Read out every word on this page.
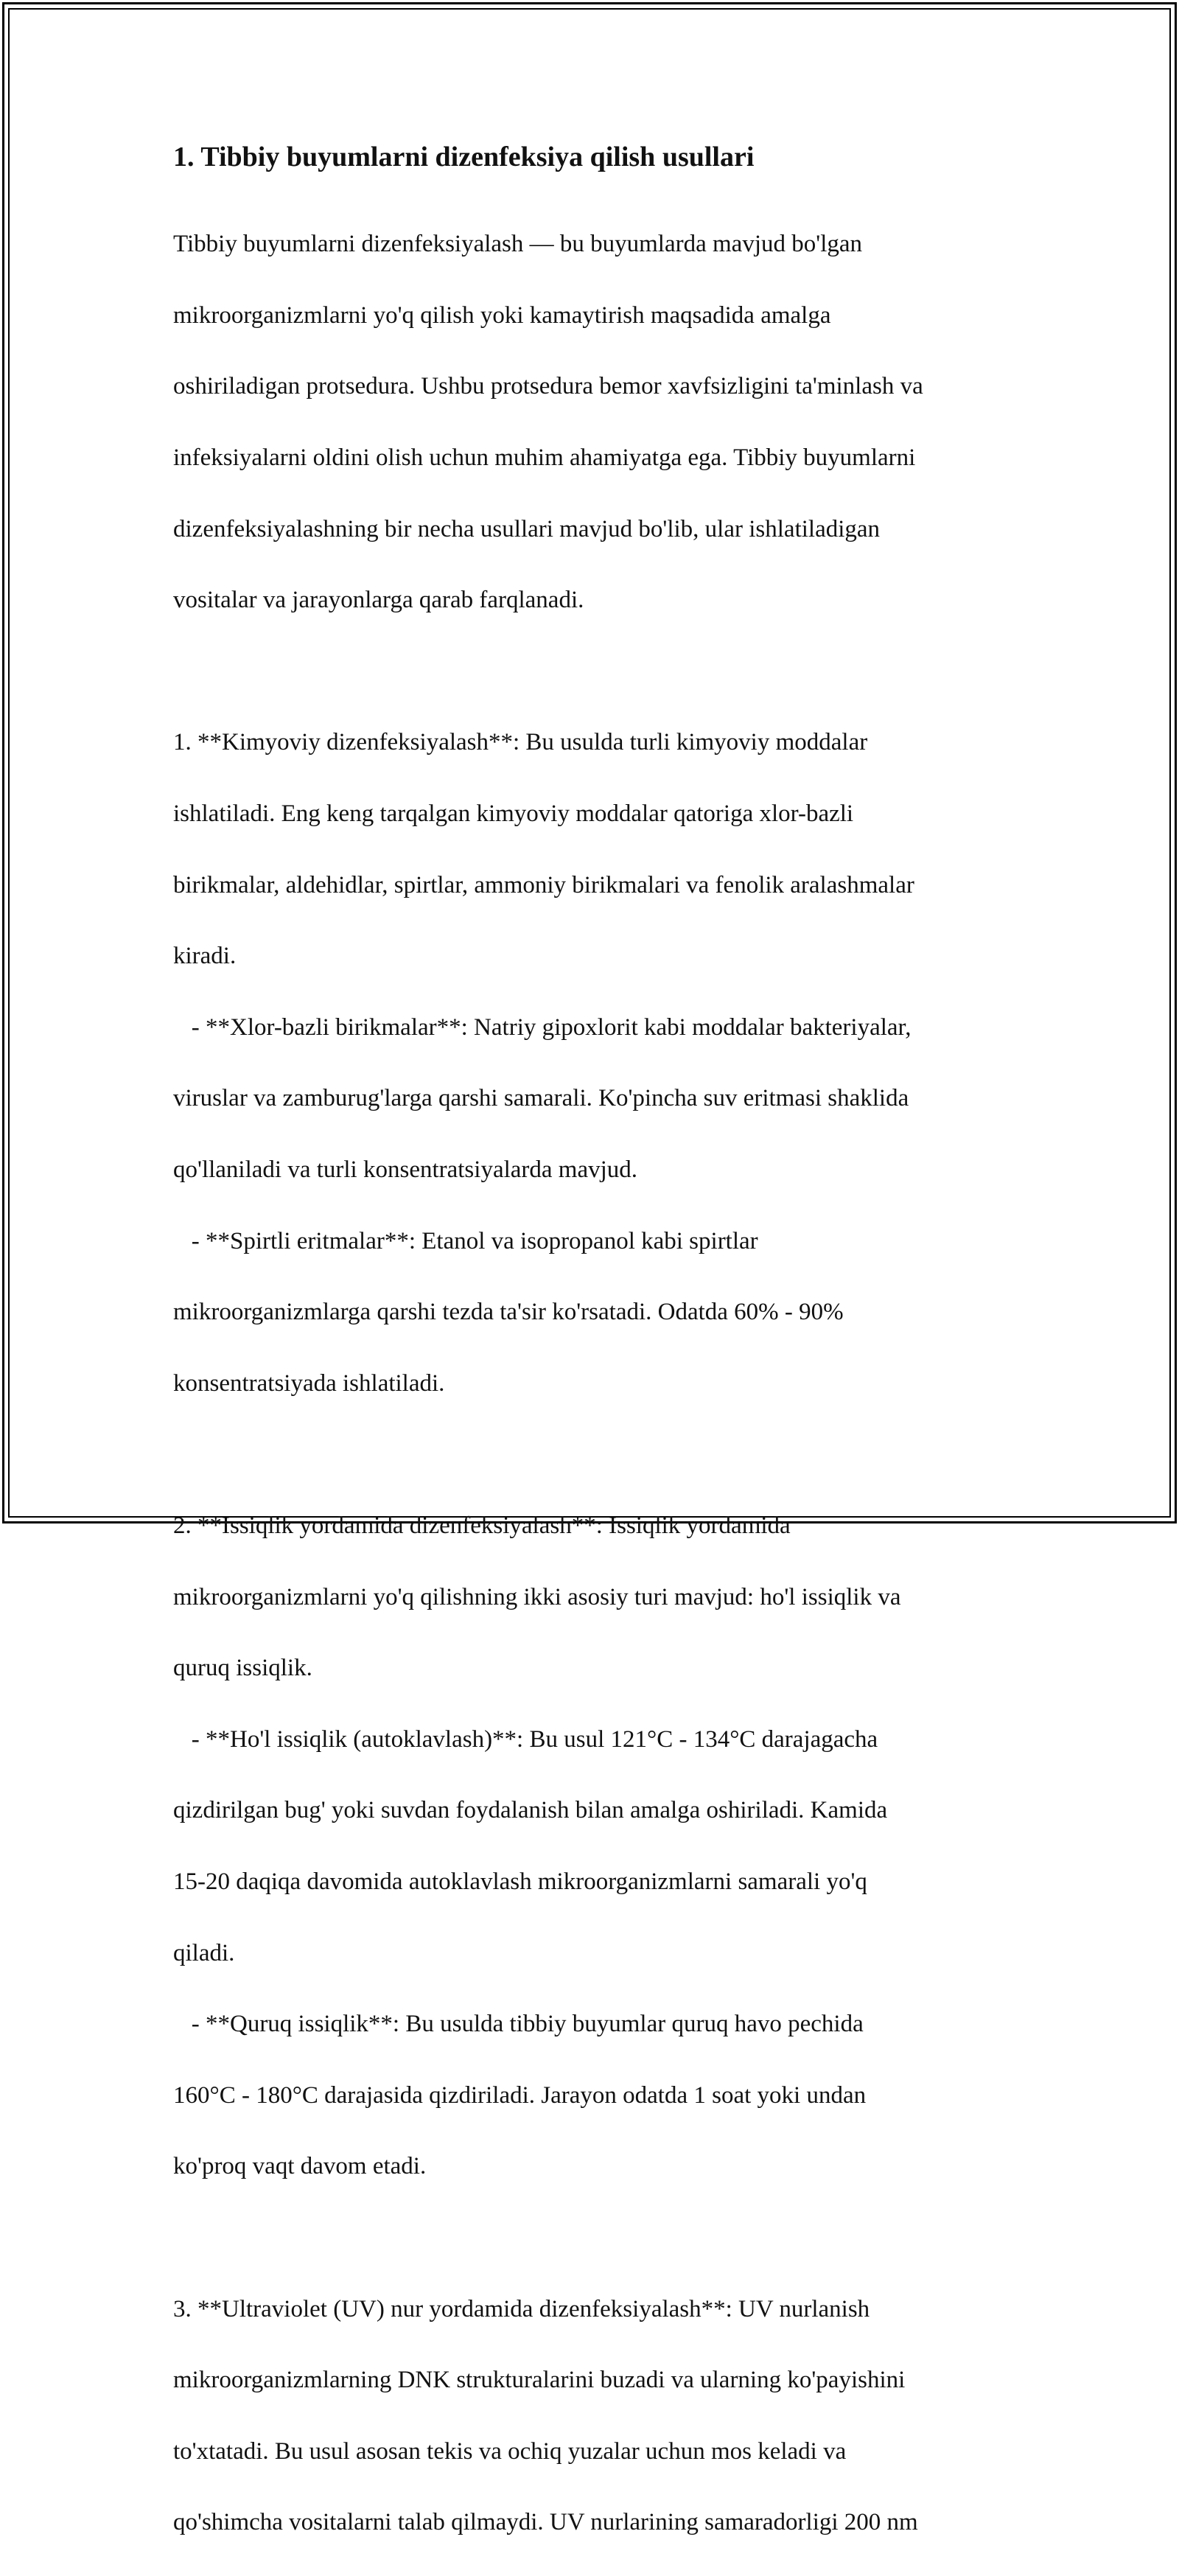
1. Tibbiy buyumlarni dizenfeksiya qilish usullari

Tibbiy buyumlarni dizenfeksiyalash — bu buyumlarda mavjud bo'lgan

mikroorganizmlarni yo'q qilish yoki kamaytirish maqsadida amalga

oshiriladigan protsedura. Ushbu protsedura bemor xavfsizligini ta'minlash va

infeksiyalarni oldini olish uchun muhim ahamiyatga ega. Tibbiy buyumlarni

dizenfeksiyalashning bir necha usullari mavjud bo'lib, ular ishlatiladigan

vositalar va jarayonlarga qarab farqlanadi.

1. **Kimyoviy dizenfeksiyalash**: Bu usulda turli kimyoviy moddalar

ishlatiladi. Eng keng tarqalgan kimyoviy moddalar qatoriga xlor-bazli

birikmalar, aldehidlar, spirtlar, ammoniy birikmalari va fenolik aralashmalar

kiradi.

- **Xlor-bazli birikmalar**: Natriy gipoxlorit kabi moddalar bakteriyalar,

viruslar va zamburug'larga qarshi samarali. Ko'pincha suv eritmasi shaklida

qo'llaniladi va turli konsentratsiyalarda mavjud.

- **Spirtli eritmalar**: Etanol va isopropanol kabi spirtlar

mikroorganizmlarga qarshi tezda ta'sir ko'rsatadi. Odatda 60% - 90%

konsentratsiyada ishlatiladi.

2. **Issiqlik yordamida dizenfeksiyalash**: Issiqlik yordamida

mikroorganizmlarni yo'q qilishning ikki asosiy turi mavjud: ho'l issiqlik va

quruq issiqlik.

- **Ho'l issiqlik (autoklavlash)**: Bu usul 121°C - 134°C darajagacha

qizdirilgan bug' yoki suvdan foydalanish bilan amalga oshiriladi. Kamida

15-20 daqiqa davomida autoklavlash mikroorganizmlarni samarali yo'q

qiladi.

- **Quruq issiqlik**: Bu usulda tibbiy buyumlar quruq havo pechida

160°C - 180°C darajasida qizdiriladi. Jarayon odatda 1 soat yoki undan

ko'proq vaqt davom etadi.

3. **Ultraviolet (UV) nur yordamida dizenfeksiyalash**: UV nurlanish

mikroorganizmlarning DNK strukturalarini buzadi va ularning ko'payishini

to'xtatadi. Bu usul asosan tekis va ochiq yuzalar uchun mos keladi va

qo'shimcha vositalarni talab qilmaydi. UV nurlarining samaradorligi 200 nm
